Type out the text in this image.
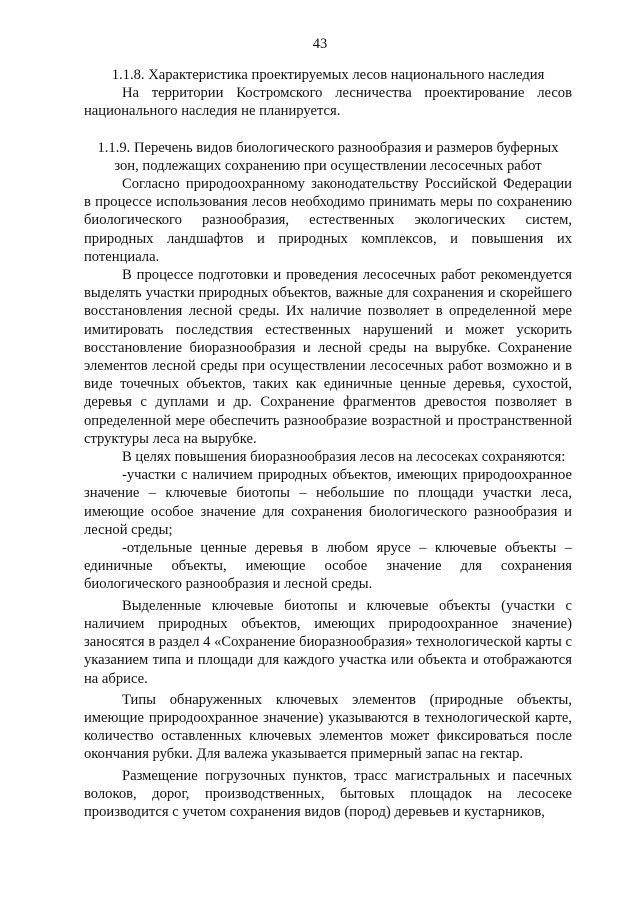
43

1.1.8. Характеристика проектируемых лесов национального наследия

На территории Костромского лесничества проектирование лесов национального наследия не планируется.

1.1.9. Перечень видов биологического разнообразия и размеров буферных

зон, подлежащих сохранению при осуществлении лесосечных работ

Согласно природоохранному законодательству Российской Федерации в процессе использования лесов необходимо принимать меры по сохранению биологического разнообразия, естественных экологических систем, природных ландшафтов и природных комплексов, и повышения их потенциала.

В процессе подготовки и проведения лесосечных работ рекомендуется выделять участки природных объектов, важные для сохранения и скорейшего восстановления лесной среды. Их наличие позволяет в определенной мере имитировать последствия естественных нарушений и может ускорить восстановление биоразнообразия и лесной среды на вырубке. Сохранение элементов лесной среды при осуществлении лесосечных работ возможно и в виде точечных объектов, таких как единичные ценные деревья, сухостой, деревья с дуплами и др. Сохранение фрагментов древостоя позволяет в определенной мере обеспечить разнообразие возрастной и пространственной структуры леса на вырубке.

В целях повышения биоразнообразия лесов на лесосеках сохраняются:

-участки с наличием природных объектов, имеющих природоохранное значение – ключевые биотопы – небольшие по площади участки леса, имеющие особое значение для сохранения биологического разнообразия и лесной среды;

-отдельные ценные деревья в любом ярусе – ключевые объекты – единичные объекты, имеющие особое значение для сохранения биологического разнообразия и лесной среды.

Выделенные ключевые биотопы и ключевые объекты (участки с наличием природных объектов, имеющих природоохранное значение) заносятся в раздел 4 «Сохранение биоразнообразия» технологической карты с указанием типа и площади для каждого участка или объекта и отображаются на абрисе.

Типы обнаруженных ключевых элементов (природные объекты, имеющие природоохранное значение) указываются в технологической карте, количество оставленных ключевых элементов может фиксироваться после окончания рубки. Для валежа указывается примерный запас на гектар.

Размещение погрузочных пунктов, трасс магистральных и пасечных волоков, дорог, производственных, бытовых площадок на лесосеке производится с учетом сохранения видов (пород) деревьев и кустарников,
